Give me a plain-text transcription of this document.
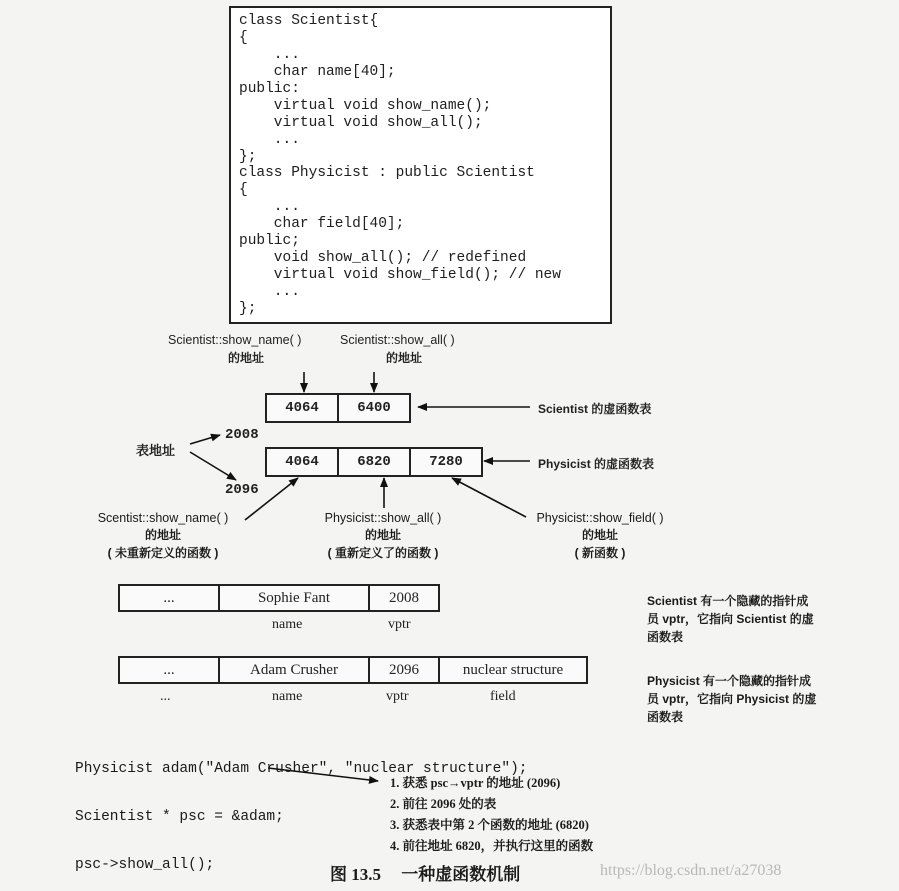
class Scientist{
{
...
char name[40];
public:
virtual void show_name();
virtual void show_all();
...
};
class Physicist : public Scientist
{
...
char field[40];
public;
void show_all(); // redefined
virtual void show_field(); // new
...
};
Scientist::show_name( )
的地址
Scientist::show_all( )
的地址
4064	6400	Scientist 的虚函数表
表地址
2008
2096
4064	6820	7280	Physicist 的虚函数表
Scentist::show_name( )
的地址
( 未重新定义的函数 )
Physicist::show_all( )
的地址
( 重新定义了的函数 )
Physicist::show_field( )
的地址
( 新函数 )
...	Sophie Fant	2008
name	vptr
Scientist 有一个隐藏的指针成
员 vptr，它指向 Scientist 的虚
函数表
...	Adam Crusher	2096	nuclear structure
...	name	vptr	field
Physicist 有一个隐藏的指针成
员 vptr，它指向 Physicist 的虚
函数表

Physicist adam("Adam Crusher", "nuclear structure");

Scientist * psc = &adam;

psc->show_all();

1. 获悉 psc→vptr 的地址 (2096)
2. 前往 2096 处的表
3. 获悉表中第 2 个函数的地址 (6820)
4. 前往地址 6820，并执行这里的函数
图 13.5 一种虚函数机制	https://blog.csdn.net/a27038
